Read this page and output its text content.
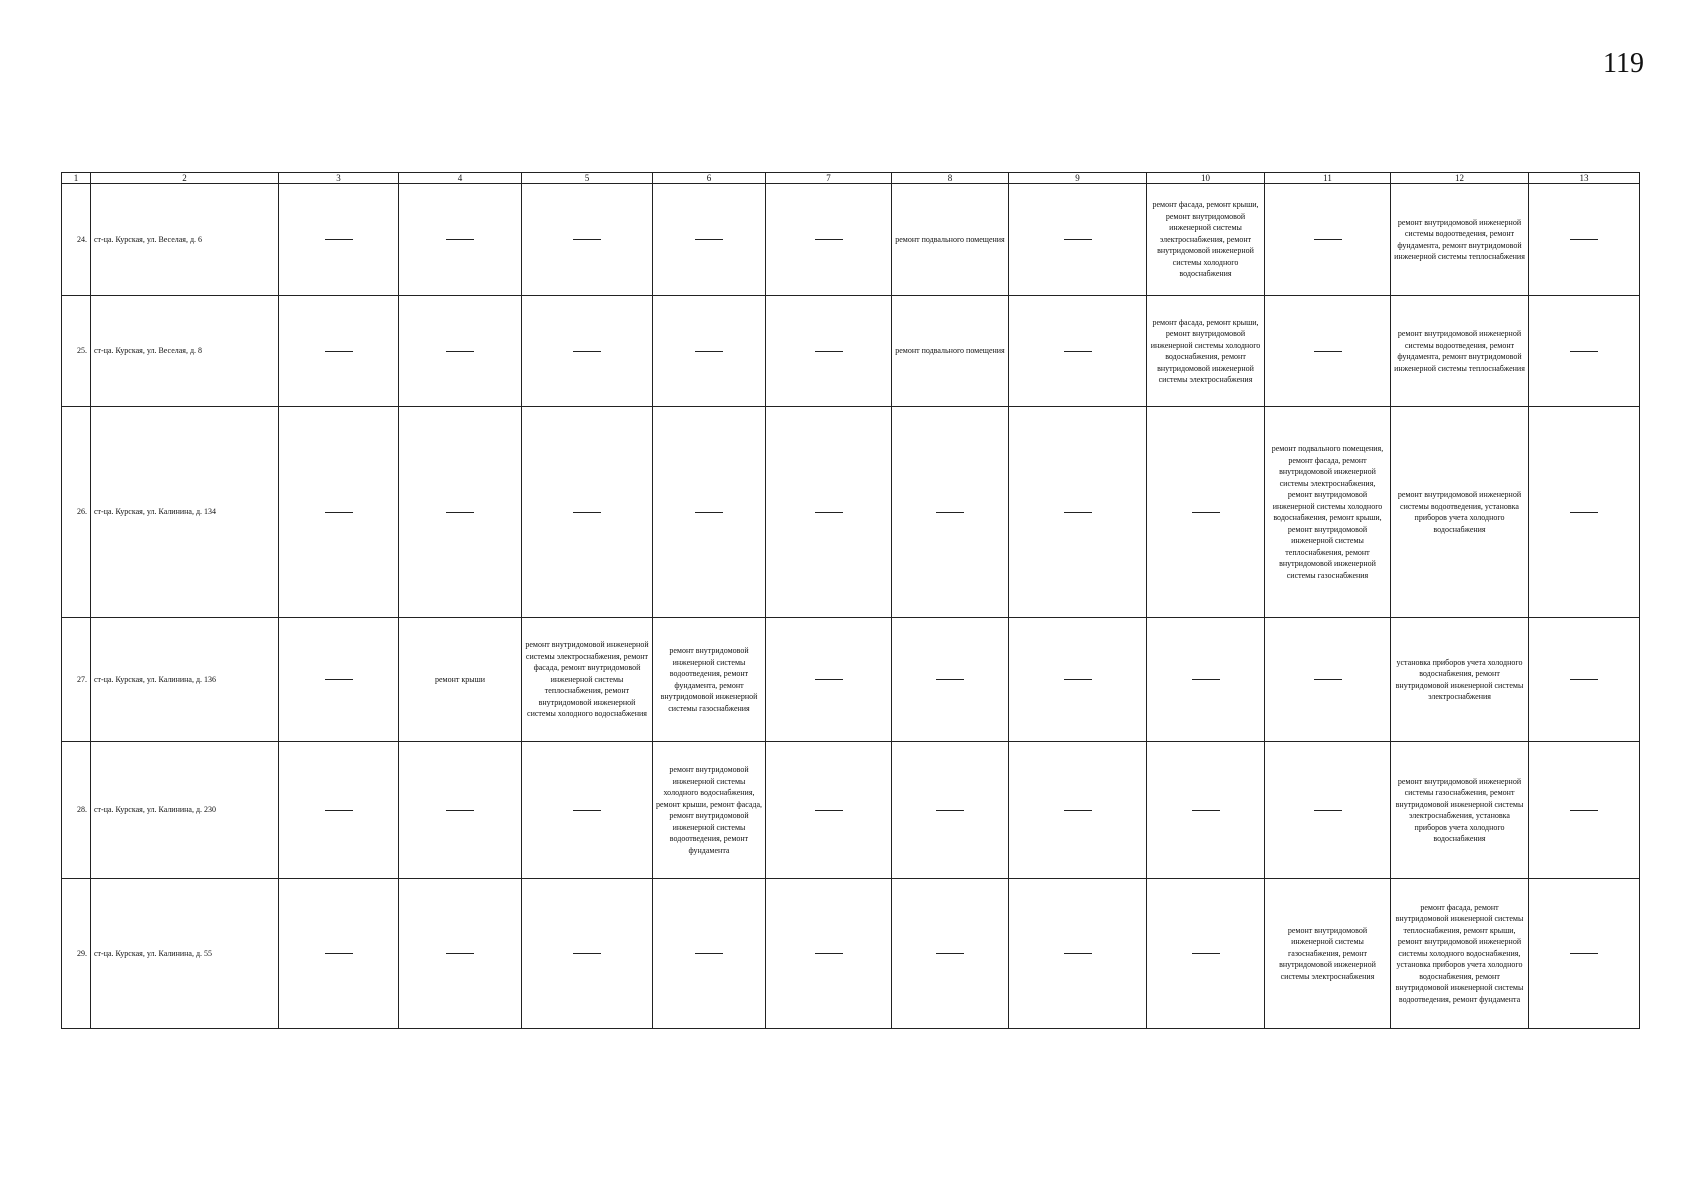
119
1	2	3	4	5	6	7	8	9	10	11	12	13
24.	ст-ца. Курская, ул. Веселая, д. 6						ремонт подвального помещения		ремонт фасада, ремонт крыши, ремонт внутридомовой инженерной системы электроснабжения, ремонт внутридомовой инженерной системы холодного водоснабжения		ремонт внутридомовой инженерной системы водоотведения, ремонт фундамента, ремонт внутридомовой инженерной системы теплоснабжения	
25.	ст-ца. Курская, ул. Веселая, д. 8						ремонт подвального помещения		ремонт фасада, ремонт крыши, ремонт внутридомовой инженерной системы холодного водоснабжения, ремонт внутридомовой инженерной системы электроснабжения		ремонт внутридомовой инженерной системы водоотведения, ремонт фундамента, ремонт внутридомовой инженерной системы теплоснабжения	
26.	ст-ца. Курская, ул. Калинина, д. 134									ремонт подвального помещения, ремонт фасада, ремонт внутридомовой инженерной системы электроснабжения, ремонт внутридомовой инженерной системы холодного водоснабжения, ремонт крыши, ремонт внутридомовой инженерной системы теплоснабжения, ремонт внутридомовой инженерной системы газоснабжения	ремонт внутридомовой инженерной системы водоотведения, установка приборов учета холодного водоснабжения	
27.	ст-ца. Курская, ул. Калинина, д. 136		ремонт крыши	ремонт внутридомовой инженерной системы электроснабжения, ремонт фасада, ремонт внутридомовой инженерной системы теплоснабжения, ремонт внутридомовой инженерной системы холодного водоснабжения	ремонт внутридомовой инженерной системы водоотведения, ремонт фундамента, ремонт внутридомовой инженерной системы газоснабжения						установка приборов учета холодного водоснабжения, ремонт внутридомовой инженерной системы электроснабжения	
28.	ст-ца. Курская, ул. Калинина, д. 230				ремонт внутридомовой инженерной системы холодного водоснабжения, ремонт крыши, ремонт фасада, ремонт внутридомовой инженерной системы водоотведения, ремонт фундамента						ремонт внутридомовой инженерной системы газоснабжения, ремонт внутридомовой инженерной системы электроснабжения, установка приборов учета холодного водоснабжения	
29.	ст-ца. Курская, ул. Калинина, д. 55									ремонт внутридомовой инженерной системы газоснабжения, ремонт внутридомовой инженерной системы электроснабжения	ремонт фасада, ремонт внутридомовой инженерной системы теплоснабжения, ремонт крыши, ремонт внутридомовой инженерной системы холодного водоснабжения, установка приборов учета холодного водоснабжения, ремонт внутридомовой инженерной системы водоотведения, ремонт фундамента	
